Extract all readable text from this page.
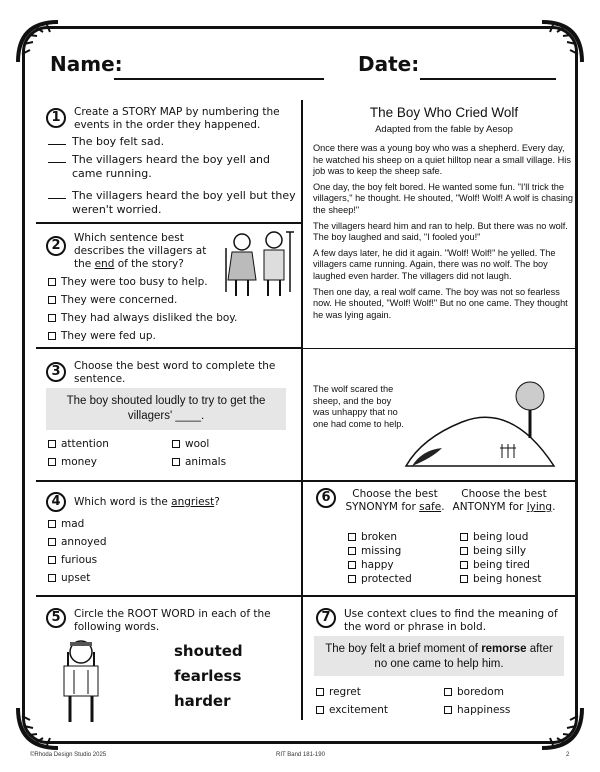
Name:	Date:
1	Create a STORY MAP by numbering the events in the order they happened.
The boy felt sad.
The villagers heard the boy yell and came running.
The villagers heard the boy yell but they weren't worried.
2	Which sentence best describes the villagers at the end of the story?
They were too busy to help.
They were concerned.
They had always disliked the boy.
They were fed up.
3	Choose the best word to complete the sentence.
The boy shouted loudly to try to get the villagers' ____.
attention	wool
money	animals
4	Which word is the angriest?
mad
annoyed
furious
upset
5	Circle the ROOT WORD in each of the following words.
shouted
fearless
harder
The Boy Who Cried Wolf
Adapted from the fable by Aesop

Once there was a young boy who was a shepherd. Every day, he watched his sheep on a quiet hilltop near a small village. His job was to keep the sheep safe.

One day, the boy felt bored. He wanted some fun. "I'll trick the villagers," he thought. He shouted, "Wolf! Wolf! A wolf is chasing the sheep!"

The villagers heard him and ran to help. But there was no wolf. The boy laughed and said, "I fooled you!"

A few days later, he did it again. "Wolf! Wolf!" he yelled. The villagers came running. Again, there was no wolf. The boy laughed even harder. The villagers did not laugh.

Then one day, a real wolf came. The boy was not so fearless now. He shouted, "Wolf! Wolf!" But no one came. They thought he was lying again.

The wolf scared the sheep, and the boy was unhappy that no one had come to help.
6	Choose the best SYNONYM for safe.
Choose the best ANTONYM for lying.
broken
missing
happy
protected
being loud
being silly
being tired
being honest
7	Use context clues to find the meaning of the word or phrase in bold.
The boy felt a brief moment of remorse after no one came to help him.
regret	boredom
excitement	happiness
©Rhoda Design Studio 2025	RIT Band 181-190	2
